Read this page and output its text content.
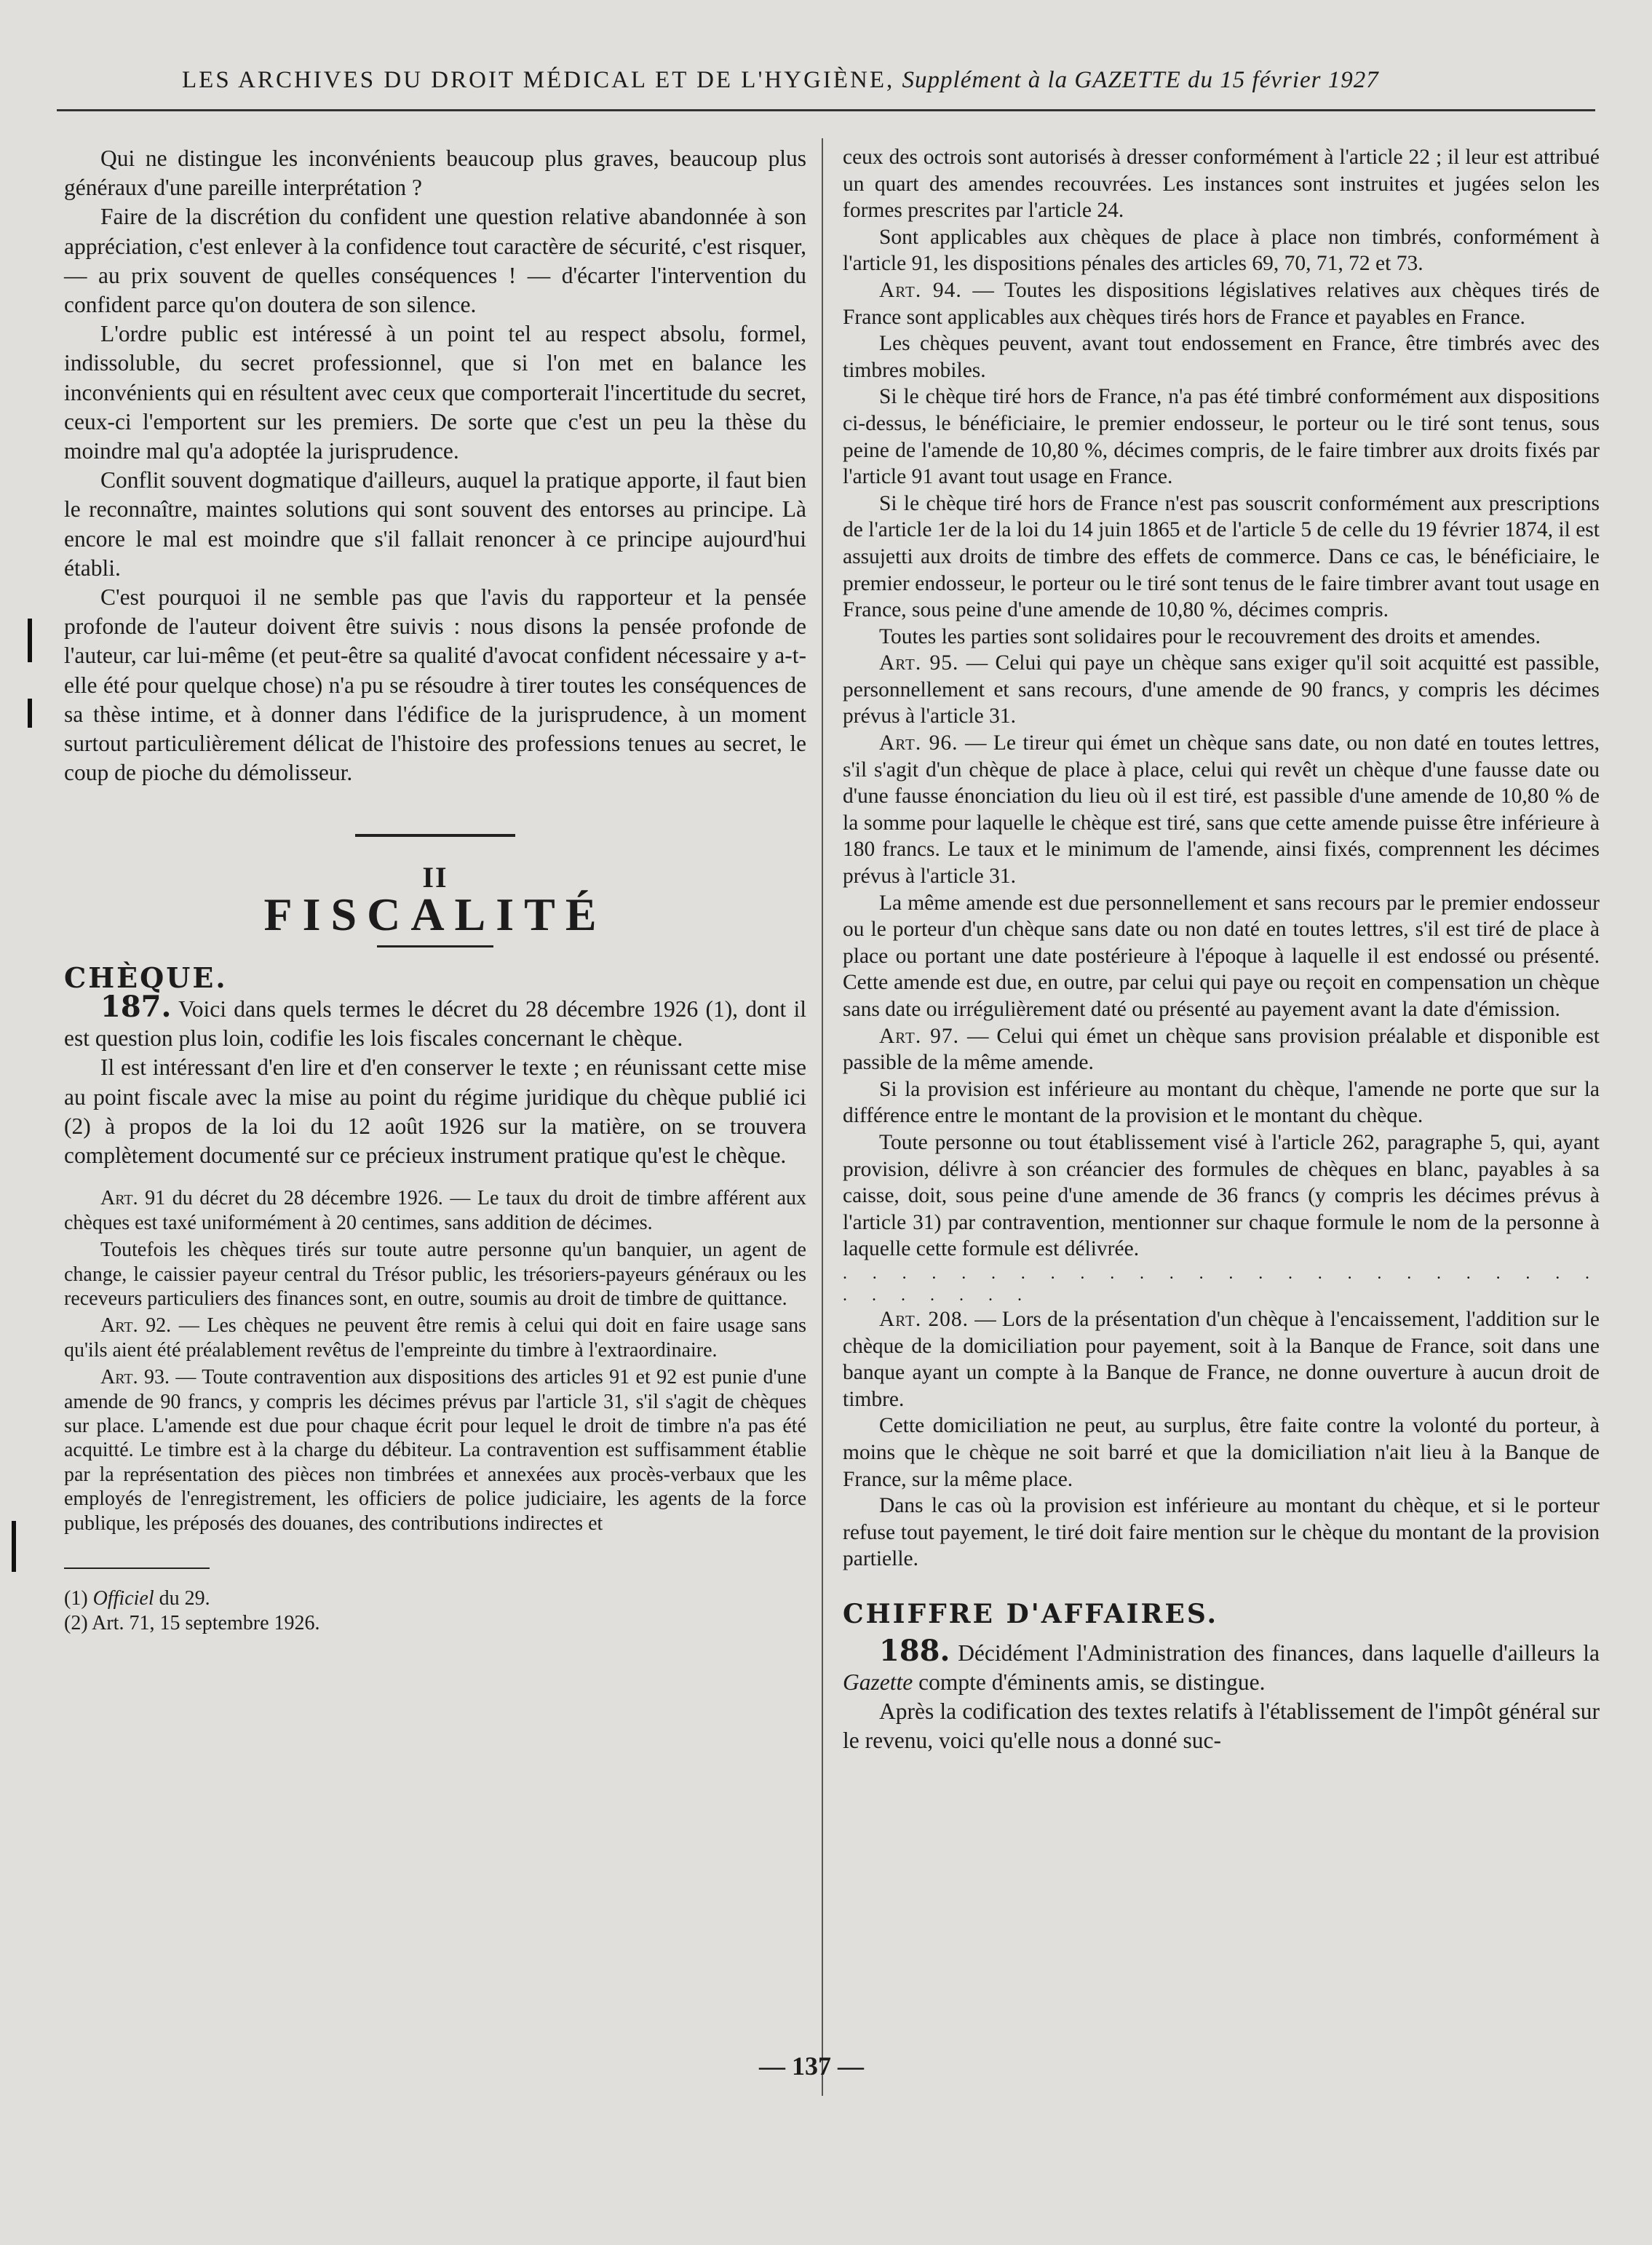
LES ARCHIVES DU DROIT MÉDICAL ET DE L'HYGIÈNE, Supplément à la GAZETTE du 15 février 1927

Qui ne distingue les inconvénients beaucoup plus graves, beaucoup plus généraux d'une pareille interprétation ?

Faire de la discrétion du confident une question relative abandonnée à son appréciation, c'est enlever à la confidence tout caractère de sécurité, c'est risquer, — au prix souvent de quelles conséquences ! — d'écarter l'intervention du confident parce qu'on doutera de son silence.

L'ordre public est intéressé à un point tel au respect absolu, formel, indissoluble, du secret professionnel, que si l'on met en balance les inconvénients qui en résultent avec ceux que comporterait l'incertitude du secret, ceux-ci l'emportent sur les premiers. De sorte que c'est un peu la thèse du moindre mal qu'a adoptée la jurisprudence.

Conflit souvent dogmatique d'ailleurs, auquel la pratique apporte, il faut bien le reconnaître, maintes solutions qui sont souvent des entorses au principe. Là encore le mal est moindre que s'il fallait renoncer à ce principe aujourd'hui établi.

C'est pourquoi il ne semble pas que l'avis du rapporteur et la pensée profonde de l'auteur doivent être suivis : nous disons la pensée profonde de l'auteur, car lui-même (et peut-être sa qualité d'avocat confident nécessaire y a-t-elle été pour quelque chose) n'a pu se résoudre à tirer toutes les conséquences de sa thèse intime, et à donner dans l'édifice de la jurisprudence, à un moment surtout particulièrement délicat de l'histoire des professions tenues au secret, le coup de pioche du démolisseur.

II
FISCALITÉ
CHÈQUE.

187. Voici dans quels termes le décret du 28 décembre 1926 (1), dont il est question plus loin, codifie les lois fiscales concernant le chèque.

Il est intéressant d'en lire et d'en conserver le texte ; en réunissant cette mise au point fiscale avec la mise au point du régime juridique du chèque publié ici (2) à propos de la loi du 12 août 1926 sur la matière, on se trouvera complètement documenté sur ce précieux instrument pratique qu'est le chèque.

Art. 91 du décret du 28 décembre 1926. — Le taux du droit de timbre afférent aux chèques est taxé uniformément à 20 centimes, sans addition de décimes.

Toutefois les chèques tirés sur toute autre personne qu'un banquier, un agent de change, le caissier payeur central du Trésor public, les trésoriers-payeurs généraux ou les receveurs particuliers des finances sont, en outre, soumis au droit de timbre de quittance.

Art. 92. — Les chèques ne peuvent être remis à celui qui doit en faire usage sans qu'ils aient été préalablement revêtus de l'empreinte du timbre à l'extraordinaire.

Art. 93. — Toute contravention aux dispositions des articles 91 et 92 est punie d'une amende de 90 francs, y compris les décimes prévus par l'article 31, s'il s'agit de chèques sur place. L'amende est due pour chaque écrit pour lequel le droit de timbre n'a pas été acquitté. Le timbre est à la charge du débiteur. La contravention est suffisamment établie par la représentation des pièces non timbrées et annexées aux procès-verbaux que les employés de l'enregistrement, les officiers de police judiciaire, les agents de la force publique, les préposés des douanes, des contributions indirectes et

(1) Officiel du 29.

(2) Art. 71, 15 septembre 1926.

ceux des octrois sont autorisés à dresser conformément à l'article 22 ; il leur est attribué un quart des amendes recouvrées. Les instances sont instruites et jugées selon les formes prescrites par l'article 24.

Sont applicables aux chèques de place à place non timbrés, conformément à l'article 91, les dispositions pénales des articles 69, 70, 71, 72 et 73.

Art. 94. — Toutes les dispositions législatives relatives aux chèques tirés de France sont applicables aux chèques tirés hors de France et payables en France.

Les chèques peuvent, avant tout endossement en France, être timbrés avec des timbres mobiles.

Si le chèque tiré hors de France, n'a pas été timbré conformément aux dispositions ci-dessus, le bénéficiaire, le premier endosseur, le porteur ou le tiré sont tenus, sous peine de l'amende de 10,80 %, décimes compris, de le faire timbrer aux droits fixés par l'article 91 avant tout usage en France.

Si le chèque tiré hors de France n'est pas souscrit conformément aux prescriptions de l'article 1er de la loi du 14 juin 1865 et de l'article 5 de celle du 19 février 1874, il est assujetti aux droits de timbre des effets de commerce. Dans ce cas, le bénéficiaire, le premier endosseur, le porteur ou le tiré sont tenus de le faire timbrer avant tout usage en France, sous peine d'une amende de 10,80 %, décimes compris.

Toutes les parties sont solidaires pour le recouvrement des droits et amendes.

Art. 95. — Celui qui paye un chèque sans exiger qu'il soit acquitté est passible, personnellement et sans recours, d'une amende de 90 francs, y compris les décimes prévus à l'article 31.

Art. 96. — Le tireur qui émet un chèque sans date, ou non daté en toutes lettres, s'il s'agit d'un chèque de place à place, celui qui revêt un chèque d'une fausse date ou d'une fausse énonciation du lieu où il est tiré, est passible d'une amende de 10,80 % de la somme pour laquelle le chèque est tiré, sans que cette amende puisse être inférieure à 180 francs. Le taux et le minimum de l'amende, ainsi fixés, comprennent les décimes prévus à l'article 31.

La même amende est due personnellement et sans recours par le premier endosseur ou le porteur d'un chèque sans date ou non daté en toutes lettres, s'il est tiré de place à place ou portant une date postérieure à l'époque à laquelle il est endossé ou présenté. Cette amende est due, en outre, par celui qui paye ou reçoit en compensation un chèque sans date ou irrégulièrement daté ou présenté au payement avant la date d'émission.

Art. 97. — Celui qui émet un chèque sans provision préalable et disponible est passible de la même amende.

Si la provision est inférieure au montant du chèque, l'amende ne porte que sur la différence entre le montant de la provision et le montant du chèque.

Toute personne ou tout établissement visé à l'article 262, paragraphe 5, qui, ayant provision, délivre à son créancier des formules de chèques en blanc, payables à sa caisse, doit, sous peine d'une amende de 36 francs (y compris les décimes prévus à l'article 31) par contravention, mentionner sur chaque formule le nom de la personne à laquelle cette formule est délivrée.

. . . . . . . . . . . . . . . . . . . . . . . . . . . . . . . . .

Art. 208. — Lors de la présentation d'un chèque à l'encaissement, l'addition sur le chèque de la domiciliation pour payement, soit à la Banque de France, soit dans une banque ayant un compte à la Banque de France, ne donne ouverture à aucun droit de timbre.

Cette domiciliation ne peut, au surplus, être faite contre la volonté du porteur, à moins que le chèque ne soit barré et que la domiciliation n'ait lieu à la Banque de France, sur la même place.

Dans le cas où la provision est inférieure au montant du chèque, et si le porteur refuse tout payement, le tiré doit faire mention sur le chèque du montant de la provision partielle.

CHIFFRE D'AFFAIRES.

188. Décidément l'Administration des finances, dans laquelle d'ailleurs la Gazette compte d'éminents amis, se distingue.

Après la codification des textes relatifs à l'établissement de l'impôt général sur le revenu, voici qu'elle nous a donné suc-

— 137 —
